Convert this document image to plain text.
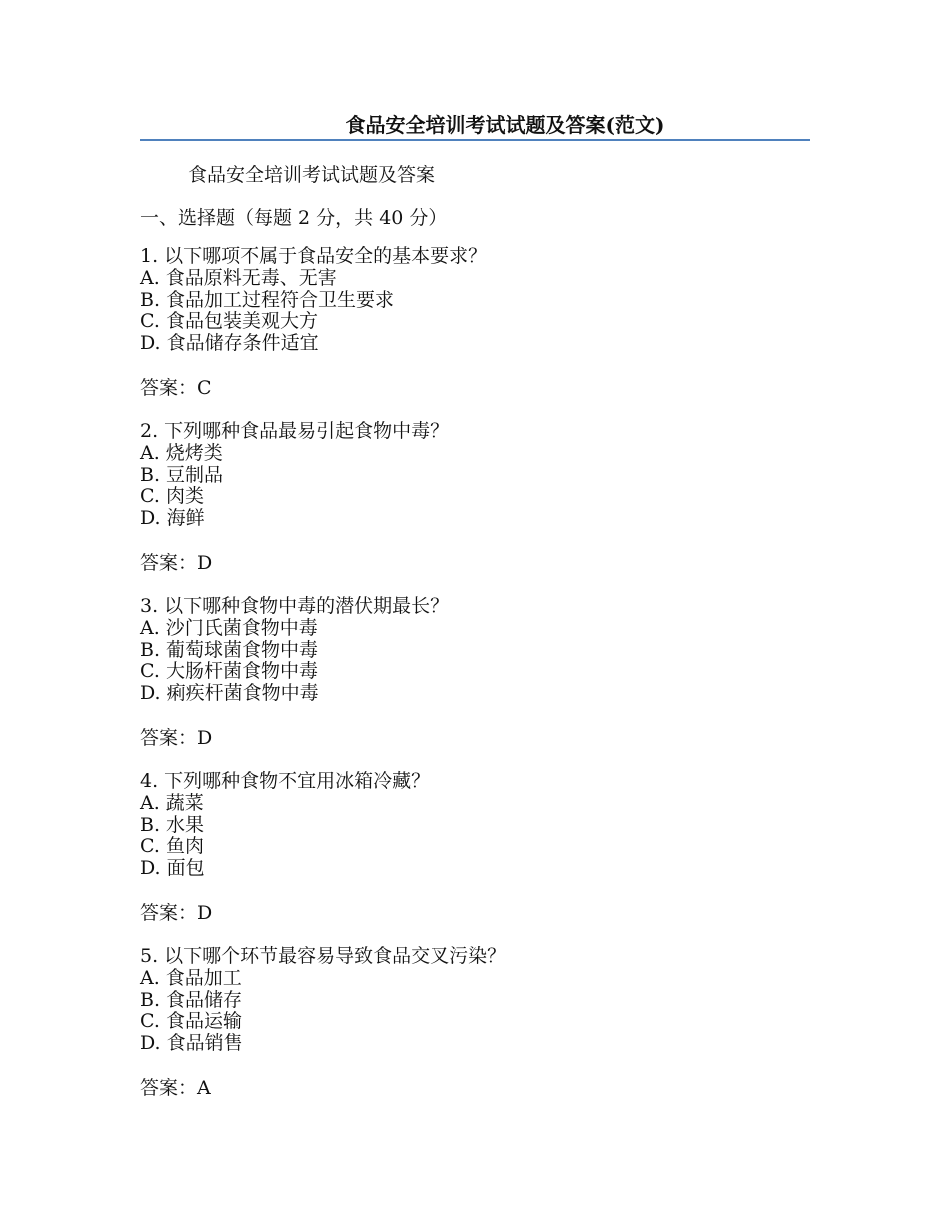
食品安全培训考试试题及答案(范文)
食品安全培训考试试题及答案
一、选择题（每题 2 分，共 40 分）
1. 以下哪项不属于食品安全的基本要求？
A. 食品原料无毒、无害
B. 食品加工过程符合卫生要求
C. 食品包装美观大方
D. 食品储存条件适宜
答案：C
2. 下列哪种食品最易引起食物中毒？
A. 烧烤类
B. 豆制品
C. 肉类
D. 海鲜
答案：D
3. 以下哪种食物中毒的潜伏期最长？
A. 沙门氏菌食物中毒
B. 葡萄球菌食物中毒
C. 大肠杆菌食物中毒
D. 痢疾杆菌食物中毒
答案：D
4. 下列哪种食物不宜用冰箱冷藏？
A. 蔬菜
B. 水果
C. 鱼肉
D. 面包
答案：D
5. 以下哪个环节最容易导致食品交叉污染？
A. 食品加工
B. 食品储存
C. 食品运输
D. 食品销售
答案：A
